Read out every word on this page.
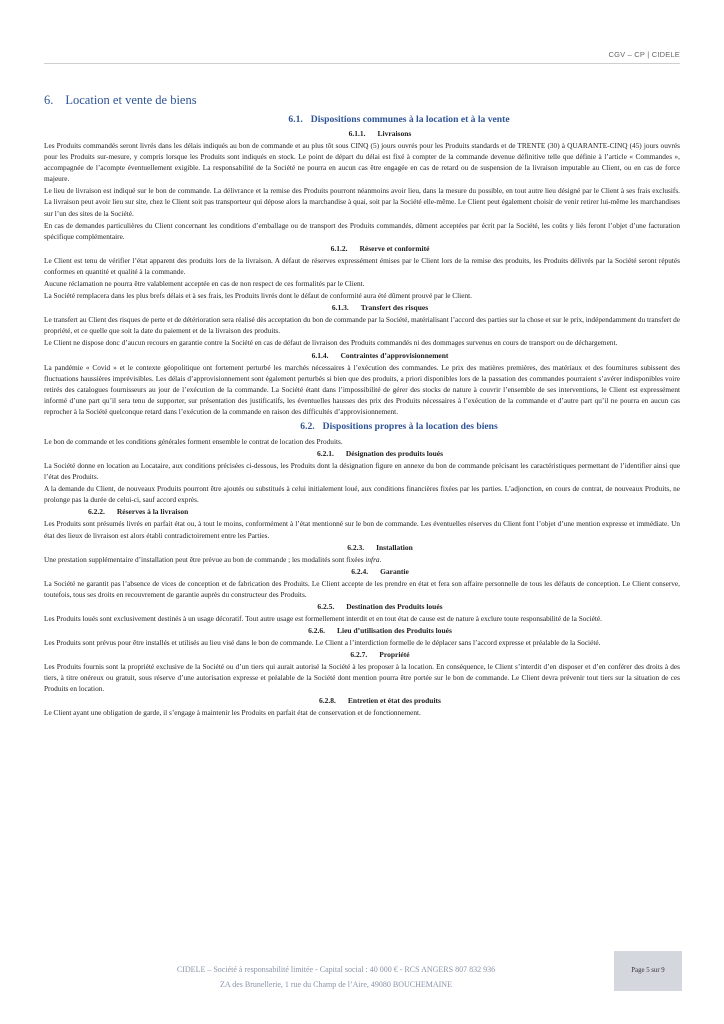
CGV – CP | CIDELE
6. Location et vente de biens
6.1. Dispositions communes à la location et à la vente
6.1.1. Livraisons

Les Produits commandés seront livrés dans les délais indiqués au bon de commande et au plus tôt sous CINQ (5) jours ouvrés pour les Produits standards et de TRENTE (30) à QUARANTE-CINQ (45) jours ouvrés pour les Produits sur-mesure, y compris lorsque les Produits sont indiqués en stock. Le point de départ du délai est fixé à compter de la commande devenue définitive telle que définie à l’article « Commandes », accompagnée de l’acompte éventuellement exigible. La responsabilité de la Société ne pourra en aucun cas être engagée en cas de retard ou de suspension de la livraison imputable au Client, ou en cas de force majeure.

Le lieu de livraison est indiqué sur le bon de commande. La délivrance et la remise des Produits pourront néanmoins avoir lieu, dans la mesure du possible, en tout autre lieu désigné par le Client à ses frais exclusifs. La livraison peut avoir lieu sur site, chez le Client soit pas transporteur qui dépose alors la marchandise à quai, soit par la Société elle-même. Le Client peut également choisir de venir retirer lui-même les marchandises sur l’un des sites de la Société.

En cas de demandes particulières du Client concernant les conditions d’emballage ou de transport des Produits commandés, dûment acceptées par écrit par la Société, les coûts y liés feront l’objet d’une facturation spécifique complémentaire.

6.1.2. Réserve et conformité

Le Client est tenu de vérifier l’état apparent des produits lors de la livraison. A défaut de réserves expressément émises par le Client lors de la remise des produits, les Produits délivrés par la Société seront réputés conformes en quantité et qualité à la commande.

Aucune réclamation ne pourra être valablement acceptée en cas de non respect de ces formalités par le Client.

La Société remplacera dans les plus brefs délais et à ses frais, les Produits livrés dont le défaut de conformité aura été dûment prouvé par le Client.

6.1.3. Transfert des risques

Le transfert au Client des risques de perte et de détérioration sera réalisé dès acceptation du bon de commande par la Société, matérialisant l’accord des parties sur la chose et sur le prix, indépendamment du transfert de propriété, et ce quelle que soit la date du paiement et de la livraison des produits.

Le Client ne dispose donc d’aucun recours en garantie contre la Société en cas de défaut de livraison des Produits commandés ni des dommages survenus en cours de transport ou de déchargement.

6.1.4. Contraintes d’approvisionnement

La pandémie « Covid » et le contexte géopolitique ont fortement perturbé les marchés nécessaires à l’exécution des commandes. Le prix des matières premières, des matériaux et des fournitures subissent des fluctuations haussières imprévisibles. Les délais d’approvisionnement sont également perturbés si bien que des produits, a priori disponibles lors de la passation des commandes pourraient s’avérer indisponibles voire retirés des catalogues fournisseurs au jour de l’exécution de la commande. La Société étant dans l’impossibilité de gérer des stocks de nature à couvrir l’ensemble de ses interventions, le Client est expressément informé d’une part qu’il sera tenu de supporter, sur présentation des justificatifs, les éventuelles hausses des prix des Produits nécessaires à l’exécution de la commande et d’autre part qu’il ne pourra en aucun cas reprocher à la Société quelconque retard dans l’exécution de la commande en raison des difficultés d’approvisionnement.

6.2. Dispositions propres à la location des biens

Le bon de commande et les conditions générales forment ensemble le contrat de location des Produits.

6.2.1. Désignation des produits loués

La Société donne en location au Locataire, aux conditions précisées ci-dessous, les Produits dont la désignation figure en annexe du bon de commande précisant les caractéristiques permettant de l’identifier ainsi que l’état des Produits.

A la demande du Client, de nouveaux Produits pourront être ajoutés ou substitués à celui initialement loué, aux conditions financières fixées par les parties. L’adjonction, en cours de contrat, de nouveaux Produits, ne prolonge pas la durée de celui-ci, sauf accord exprès.

6.2.2. Réserves à la livraison

Les Produits sont présumés livrés en parfait état ou, à tout le moins, conformément à l’état mentionné sur le bon de commande. Les éventuelles réserves du Client font l’objet d’une mention expresse et immédiate. Un état des lieux de livraison est alors établi contradictoirement entre les Parties.

6.2.3. Installation

Une prestation supplémentaire d’installation peut être prévue au bon de commande ; les modalités sont fixées infra.

6.2.4. Garantie

La Société ne garantit pas l’absence de vices de conception et de fabrication des Produits. Le Client accepte de les prendre en état et fera son affaire personnelle de tous les défauts de conception. Le Client conserve, toutefois, tous ses droits en recouvrement de garantie auprès du constructeur des Produits.

6.2.5. Destination des Produits loués

Les Produits loués sont exclusivement destinés à un usage décoratif. Tout autre usage est formellement interdit et en tout état de cause est de nature à exclure toute responsabilité de la Société.

6.2.6. Lieu d’utilisation des Produits loués

Les Produits sont prévus pour être installés et utilisés au lieu visé dans le bon de commande. Le Client a l’interdiction formelle de le déplacer sans l’accord expresse et préalable de la Société.

6.2.7. Propriété

Les Produits fournis sont la propriété exclusive de la Société ou d’un tiers qui aurait autorisé la Société à les proposer à la location. En conséquence, le Client s’interdit d’en disposer et d’en conférer des droits à des tiers, à titre onéreux ou gratuit, sous réserve d’une autorisation expresse et préalable de la Société dont mention pourra être portée sur le bon de commande. Le Client devra prévenir tout tiers sur la situation de ces Produits en location.

6.2.8. Entretien et état des produits

Le Client ayant une obligation de garde, il s’engage à maintenir les Produits en parfait état de conservation et de fonctionnement.

CIDELE – Société à responsabilité limitée - Capital social : 40 000 € - RCS ANGERS 807 832 936
ZA des Brunellerie, 1 rue du Champ de l’Aire, 49080 BOUCHEMAINE
Page 5 sur 9
